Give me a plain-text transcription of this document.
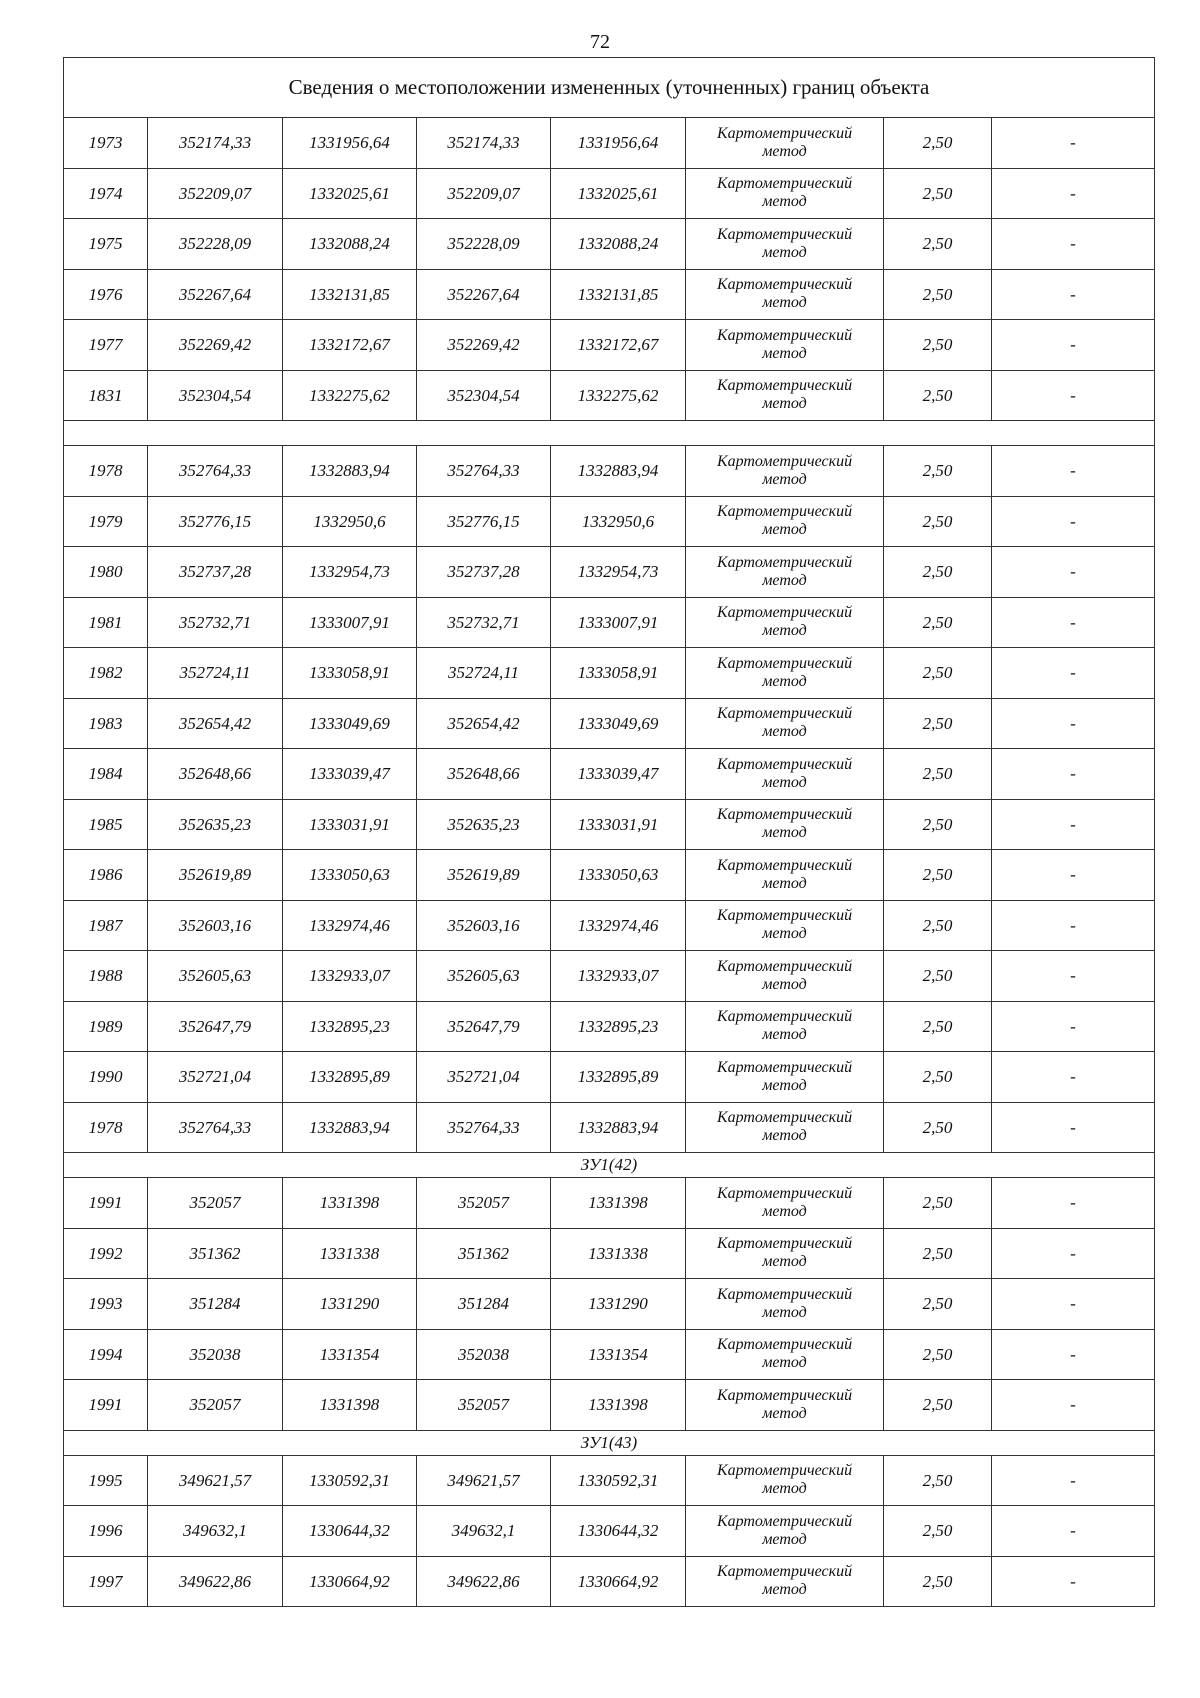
72
Сведения о местоположении измененных (уточненных) границ объекта							
1973	352174,33	1331956,64	352174,33	1331956,64	Картометрический
метод	2,50	-
1974	352209,07	1332025,61	352209,07	1332025,61	Картометрический
метод	2,50	-
1975	352228,09	1332088,24	352228,09	1332088,24	Картометрический
метод	2,50	-
1976	352267,64	1332131,85	352267,64	1332131,85	Картометрический
метод	2,50	-
1977	352269,42	1332172,67	352269,42	1332172,67	Картометрический
метод	2,50	-
1831	352304,54	1332275,62	352304,54	1332275,62	Картометрический
метод	2,50	-

1978	352764,33	1332883,94	352764,33	1332883,94	Картометрический
метод	2,50	-
1979	352776,15	1332950,6	352776,15	1332950,6	Картометрический
метод	2,50	-
1980	352737,28	1332954,73	352737,28	1332954,73	Картометрический
метод	2,50	-
1981	352732,71	1333007,91	352732,71	1333007,91	Картометрический
метод	2,50	-
1982	352724,11	1333058,91	352724,11	1333058,91	Картометрический
метод	2,50	-
1983	352654,42	1333049,69	352654,42	1333049,69	Картометрический
метод	2,50	-
1984	352648,66	1333039,47	352648,66	1333039,47	Картометрический
метод	2,50	-
1985	352635,23	1333031,91	352635,23	1333031,91	Картометрический
метод	2,50	-
1986	352619,89	1333050,63	352619,89	1333050,63	Картометрический
метод	2,50	-
1987	352603,16	1332974,46	352603,16	1332974,46	Картометрический
метод	2,50	-
1988	352605,63	1332933,07	352605,63	1332933,07	Картометрический
метод	2,50	-
1989	352647,79	1332895,23	352647,79	1332895,23	Картометрический
метод	2,50	-
1990	352721,04	1332895,89	352721,04	1332895,89	Картометрический
метод	2,50	-
1978	352764,33	1332883,94	352764,33	1332883,94	Картометрический
метод	2,50	-
ЗУ1(42)							
1991	352057	1331398	352057	1331398	Картометрический
метод	2,50	-
1992	351362	1331338	351362	1331338	Картометрический
метод	2,50	-
1993	351284	1331290	351284	1331290	Картометрический
метод	2,50	-
1994	352038	1331354	352038	1331354	Картометрический
метод	2,50	-
1991	352057	1331398	352057	1331398	Картометрический
метод	2,50	-
ЗУ1(43)							
1995	349621,57	1330592,31	349621,57	1330592,31	Картометрический
метод	2,50	-
1996	349632,1	1330644,32	349632,1	1330644,32	Картометрический
метод	2,50	-
1997	349622,86	1330664,92	349622,86	1330664,92	Картометрический
метод	2,50	-
